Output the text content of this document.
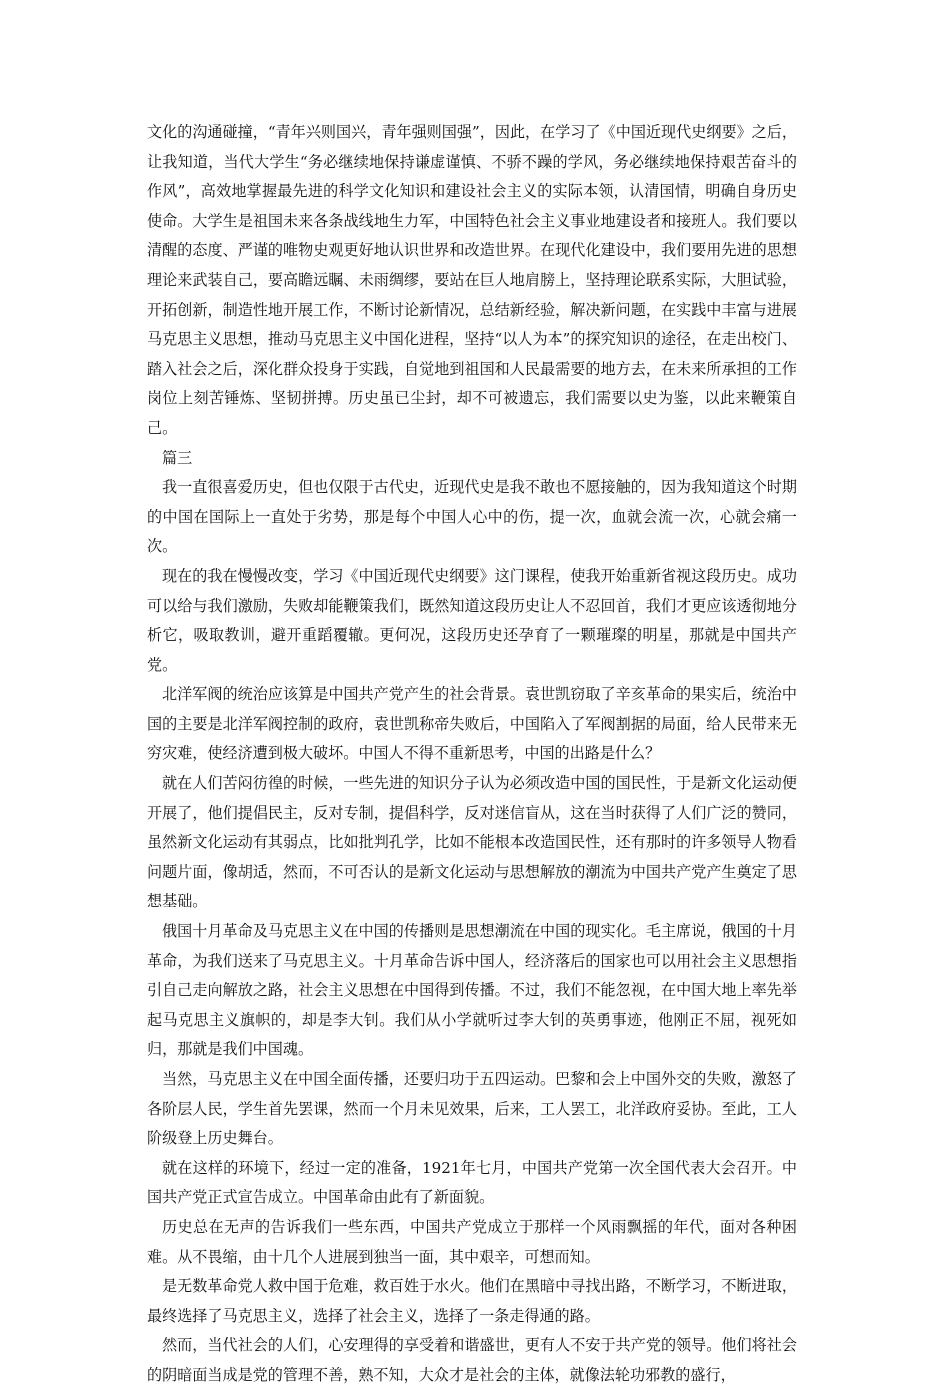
文化的沟通碰撞，“青年兴则国兴，青年强则国强”，因此，在学习了《中国近现代史纲要》之后，让我知道，当代大学生“务必继续地保持谦虚谨慎、不骄不躁的学风，务必继续地保持艰苦奋斗的作风”，高效地掌握最先进的科学文化知识和建设社会主义的实际本领，认清国情，明确自身历史使命。大学生是祖国未来各条战线地生力军，中国特色社会主义事业地建设者和接班人。我们要以清醒的态度、严谨的唯物史观更好地认识世界和改造世界。在现代化建设中，我们要用先进的思想理论来武装自己，要高瞻远瞩、未雨绸缪，要站在巨人地肩膀上，坚持理论联系实际，大胆试验，开拓创新，制造性地开展工作，不断讨论新情况，总结新经验，解决新问题，在实践中丰富与进展马克思主义思想，推动马克思主义中国化进程，坚持“以人为本”的探究知识的途径，在走出校门、踏入社会之后，深化群众投身于实践，自觉地到祖国和人民最需要的地方去，在未来所承担的工作岗位上刻苦锤炼、坚韧拼搏。历史虽已尘封，却不可被遗忘，我们需要以史为鉴，以此来鞭策自己。

篇三

我一直很喜爱历史，但也仅限于古代史，近现代史是我不敢也不愿接触的，因为我知道这个时期的中国在国际上一直处于劣势，那是每个中国人心中的伤，提一次，血就会流一次，心就会痛一次。

现在的我在慢慢改变，学习《中国近现代史纲要》这门课程，使我开始重新省视这段历史。成功可以给与我们激励，失败却能鞭策我们，既然知道这段历史让人不忍回首，我们才更应该透彻地分析它，吸取教训，避开重蹈覆辙。更何况，这段历史还孕育了一颗璀璨的明星，那就是中国共产党。

北洋军阀的统治应该算是中国共产党产生的社会背景。袁世凯窃取了辛亥革命的果实后，统治中国的主要是北洋军阀控制的政府，袁世凯称帝失败后，中国陷入了军阀割据的局面，给人民带来无穷灾难，使经济遭到极大破坏。中国人不得不重新思考，中国的出路是什么？

就在人们苦闷彷徨的时候，一些先进的知识分子认为必须改造中国的国民性，于是新文化运动便开展了，他们提倡民主，反对专制，提倡科学，反对迷信盲从，这在当时获得了人们广泛的赞同，虽然新文化运动有其弱点，比如批判孔学，比如不能根本改造国民性，还有那时的许多领导人物看问题片面，像胡适，然而，不可否认的是新文化运动与思想解放的潮流为中国共产党产生奠定了思想基础。

俄国十月革命及马克思主义在中国的传播则是思想潮流在中国的现实化。毛主席说，俄国的十月革命，为我们送来了马克思主义。十月革命告诉中国人，经济落后的国家也可以用社会主义思想指引自己走向解放之路，社会主义思想在中国得到传播。不过，我们不能忽视，在中国大地上率先举起马克思主义旗帜的，却是李大钊。我们从小学就听过李大钊的英勇事迹，他刚正不屈，视死如归，那就是我们中国魂。

当然，马克思主义在中国全面传播，还要归功于五四运动。巴黎和会上中国外交的失败，激怒了各阶层人民，学生首先罢课，然而一个月未见效果，后来，工人罢工，北洋政府妥协。至此，工人阶级登上历史舞台。

就在这样的环境下，经过一定的准备，1921年七月，中国共产党第一次全国代表大会召开。中国共产党正式宣告成立。中国革命由此有了新面貌。

历史总在无声的告诉我们一些东西，中国共产党成立于那样一个风雨飘摇的年代，面对各种困难。从不畏缩，由十几个人进展到独当一面，其中艰辛，可想而知。

是无数革命党人救中国于危难，救百姓于水火。他们在黑暗中寻找出路，不断学习，不断进取，最终选择了马克思主义，选择了社会主义，选择了一条走得通的路。

然而，当代社会的人们，心安理得的享受着和谐盛世，更有人不安于共产党的领导。他们将社会的阴暗面当成是党的管理不善，熟不知，大众才是社会的主体，就像法轮功邪教的盛行，
